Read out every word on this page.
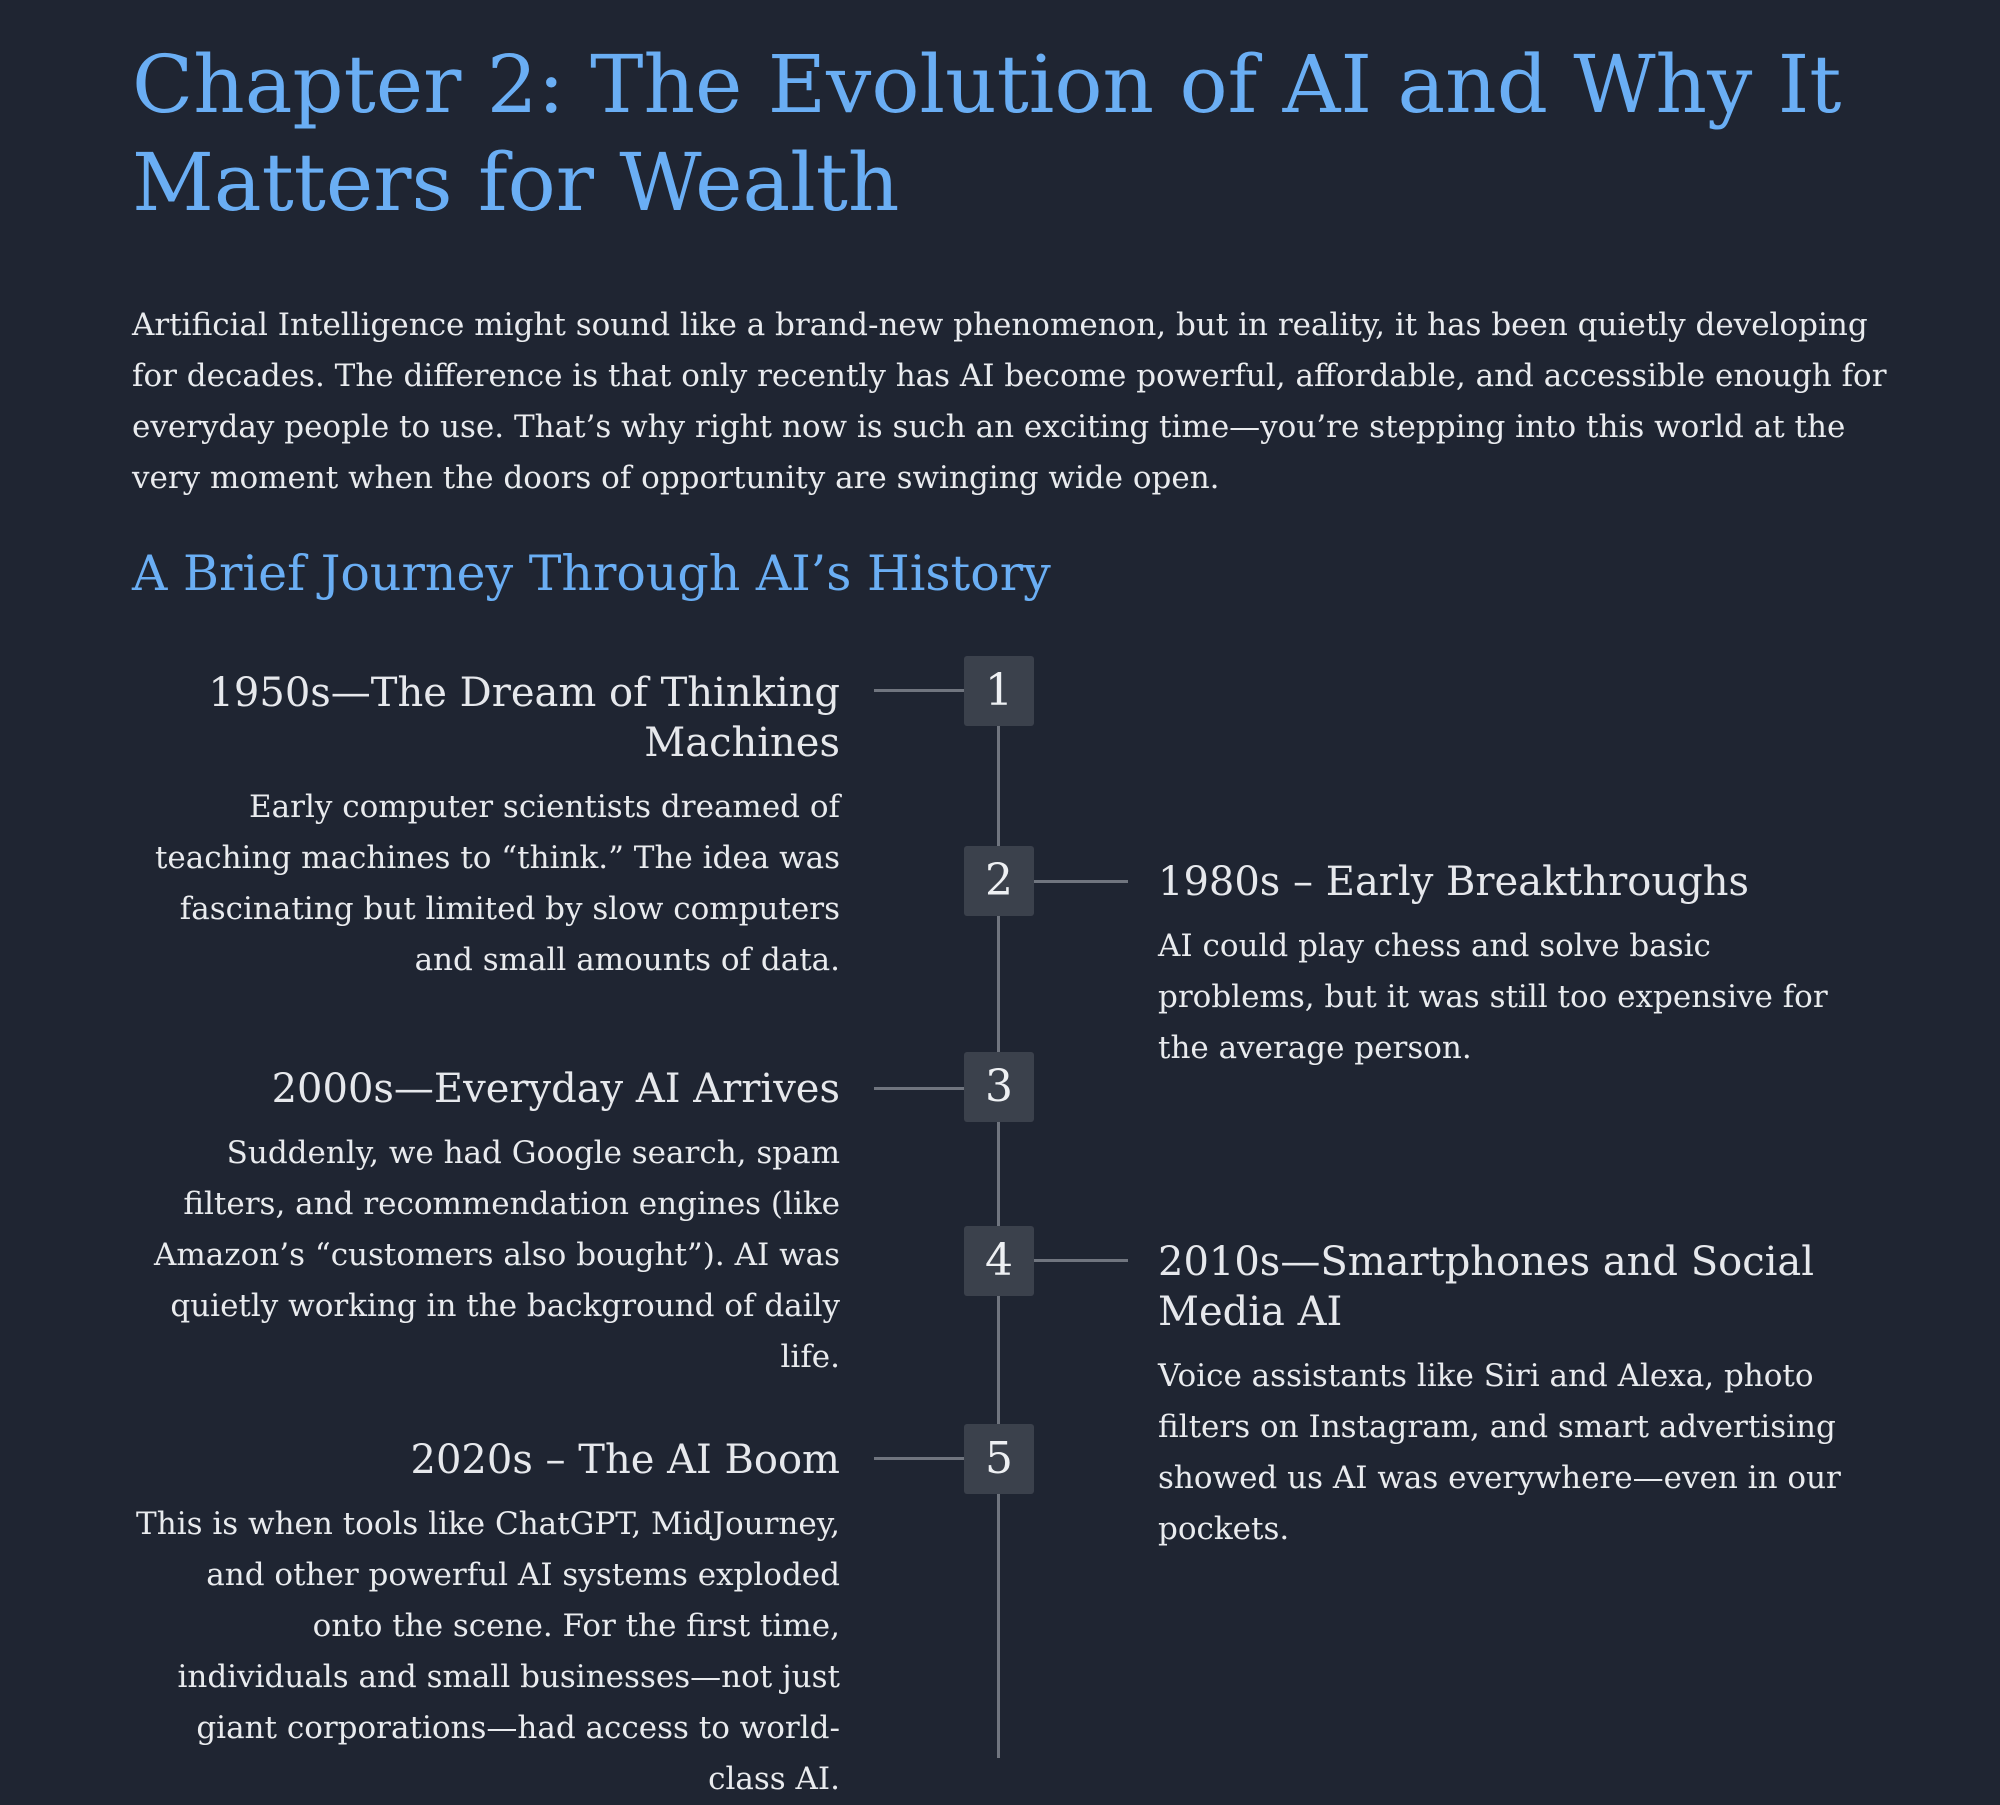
Chapter 2: The Evolution of AI and Why It Matters for Wealth

Artificial Intelligence might sound like a brand-new phenomenon, but in reality, it has been quietly developing for decades. The difference is that only recently has AI become powerful, affordable, and accessible enough for everyday people to use. That’s why right now is such an exciting time—you’re stepping into this world at the very moment when the doors of opportunity are swinging wide open.

A Brief Journey Through AI’s History
1
1950s—The Dream of Thinking Machines

Early computer scientists dreamed of teaching machines to “think.” The idea was fascinating but limited by slow computers and small amounts of data.

2	1980s – Early Breakthroughs

AI could play chess and solve basic problems, but it was still too expensive for the average person.

3
2000s—Everyday AI Arrives

Suddenly, we had Google search, spam filters, and recommendation engines (like Amazon’s “customers also bought”). AI was quietly working in the background of daily life.

4	2010s—Smartphones and Social Media AI

Voice assistants like Siri and Alexa, photo filters on Instagram, and smart advertising showed us AI was everywhere—even in our pockets.

5
2020s – The AI Boom

This is when tools like ChatGPT, MidJourney, and other powerful AI systems exploded onto the scene. For the first time, individuals and small businesses—not just giant corporations—had access to world-class AI.
